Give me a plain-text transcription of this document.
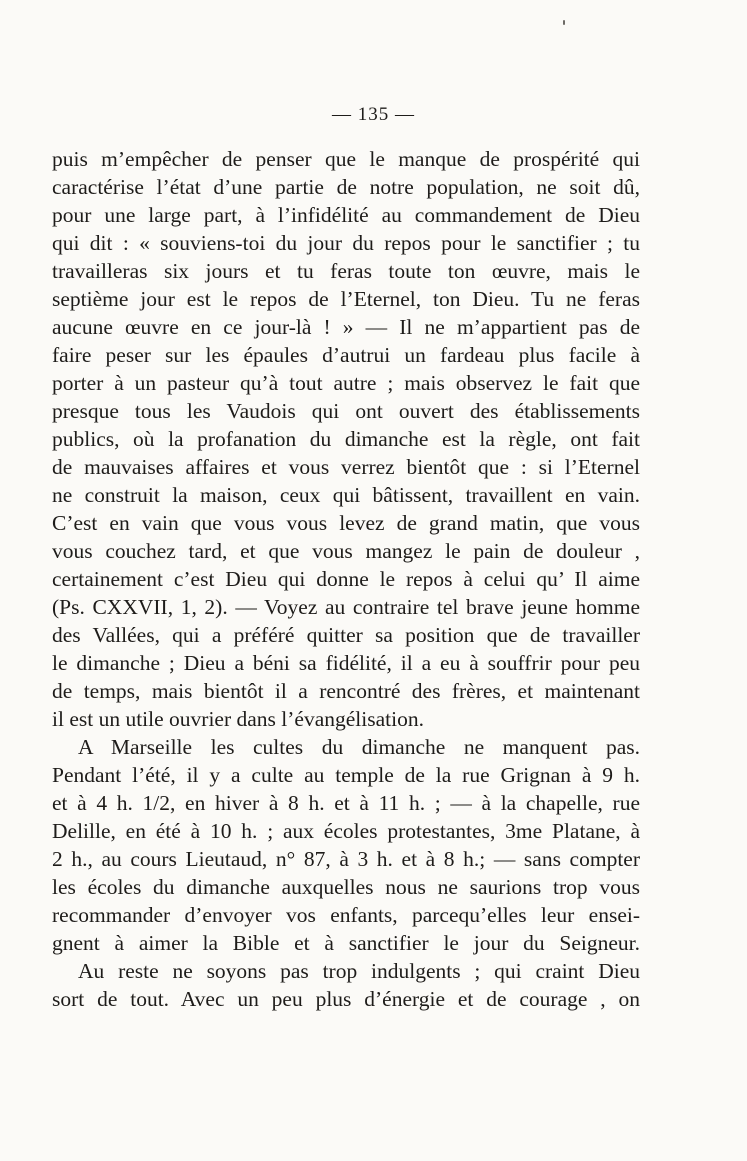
— 135 —
puis m’empêcher de penser que le manque de prospérité qui
caractérise l’état d’une partie de notre population, ne soit dû,
pour une large part, à l’infidélité au commandement de Dieu
qui dit : « souviens-toi du jour du repos pour le sanctifier ; tu
travailleras six jours et tu feras toute ton œuvre, mais le
septième jour est le repos de l’Eternel, ton Dieu. Tu ne feras
aucune œuvre en ce jour-là ! » — Il ne m’appartient pas de
faire peser sur les épaules d’autrui un fardeau plus facile à
porter à un pasteur qu’à tout autre ; mais observez le fait que
presque tous les Vaudois qui ont ouvert des établissements
publics, où la profanation du dimanche est la règle, ont fait
de mauvaises affaires et vous verrez bientôt que : si l’Eternel
ne construit la maison, ceux qui bâtissent, travaillent en vain.
C’est en vain que vous vous levez de grand matin, que vous
vous couchez tard, et que vous mangez le pain de douleur ,
certainement c’est Dieu qui donne le repos à celui qu’ Il aime
(Ps. CXXVII, 1, 2). — Voyez au contraire tel brave jeune homme
des Vallées, qui a préféré quitter sa position que de travailler
le dimanche ; Dieu a béni sa fidélité, il a eu à souffrir pour peu
de temps, mais bientôt il a rencontré des frères, et maintenant
il est un utile ouvrier dans l’évangélisation.
A Marseille les cultes du dimanche ne manquent pas.
Pendant l’été, il y a culte au temple de la rue Grignan à 9 h.
et à 4 h. 1/2, en hiver à 8 h. et à 11 h. ; — à la chapelle, rue
Delille, en été à 10 h. ; aux écoles protestantes, 3me Platane, à
2 h., au cours Lieutaud, n° 87, à 3 h. et à 8 h.; — sans compter
les écoles du dimanche auxquelles nous ne saurions trop vous
recommander d’envoyer vos enfants, parcequ’elles leur ensei-
gnent à aimer la Bible et à sanctifier le jour du Seigneur.
Au reste ne soyons pas trop indulgents ; qui craint Dieu
sort de tout. Avec un peu plus d’énergie et de courage , on
